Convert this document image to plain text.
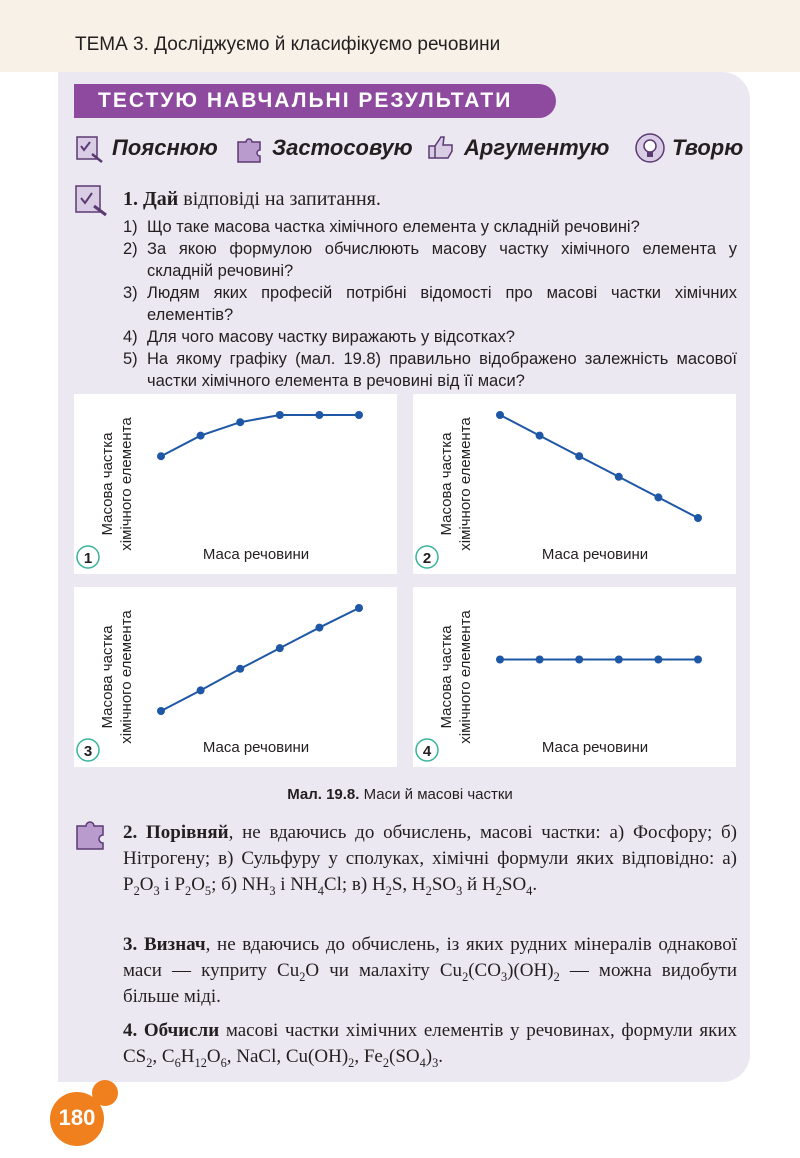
ТЕМА 3. Досліджуємо й класифікуємо речовини
ТЕСТУЮ НАВЧАЛЬНІ РЕЗУЛЬТАТИ
Пояснюю Застосовую Аргументую	Творю
1. Дай відповіді на запитання.
1) Що таке масова частка хімічного елемента у складній речовині?
2) За якою формулою обчислюють масову частку хімічного елемента у складній речовині?
3) Людям яких професій потрібні відомості про масові частки хімічних елементів?
4) Для чого масову частку виражають у відсотках?
5) На якому графіку (мал. 19.8) правильно відображено залежність масової частки хімічного елемента в речовині від її маси?
Масова частка хімічного елемента
Маса речовини
1
Масова частка хімічного елемента
Маса речовини
2
Масова частка хімічного елемента
Маса речовини
3
Масова частка хімічного елемента
Маса речовини
4
Мал. 19.8. Маси й масові частки
2. Порівняй, не вдаючись до обчислень, масові частки: а) Фосфору; б) Нітрогену; в) Сульфуру у сполуках, хімічні формули яких відповідно: а) $P_2O_3$ і $P_2O_5$; б) $NH_3$ і $NH_4Cl$; в) $H_2S$, $H_2SO_3$ й $H_2SO_4$.
3. Визнач, не вдаючись до обчислень, із яких рудних мінералів однакової маси — куприту $Cu_2O$ чи малахіту $Cu_2(CO_3)(OH)_2$ — можна видобути більше міді.
4. Обчисли масові частки хімічних елементів у речовинах, формули яких $CS_2$, $C_6H_{12}O_6$, NaCl, $Cu(OH)_2$, $Fe_2(SO_4)_3$.
180
